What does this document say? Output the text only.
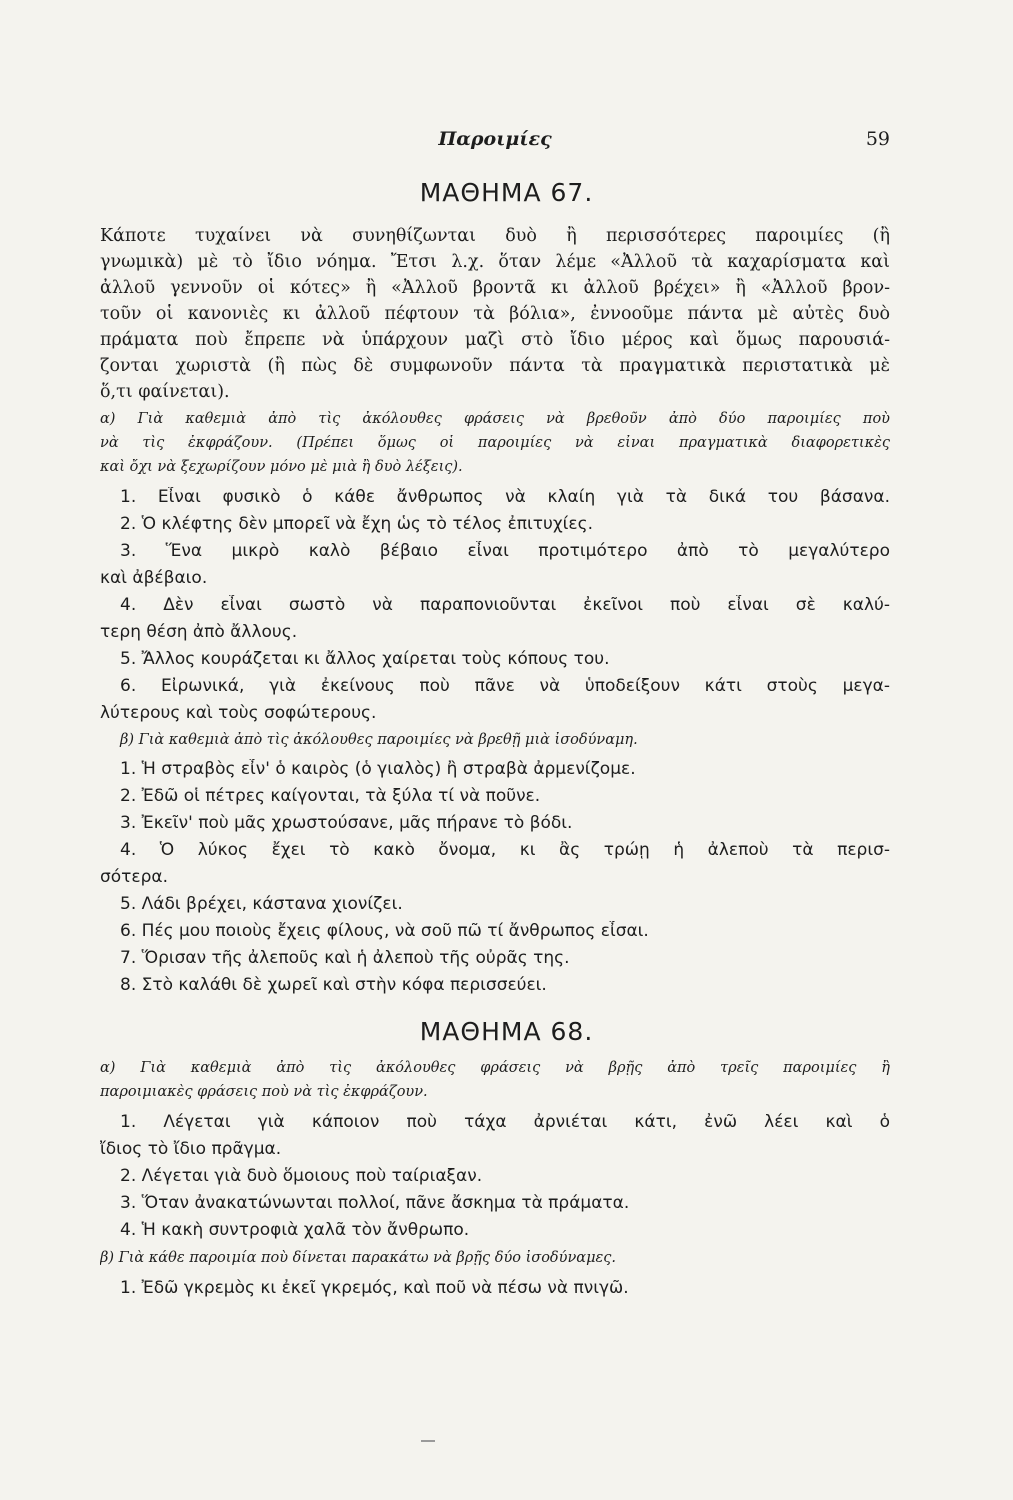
Παροιμίες	59
ΜΑΘΗΜΑ 67.
Κάποτε τυχαίνει νὰ συνηθίζωνται δυὸ ἢ περισσότερες παροιμίες (ἢ
γνωμικὰ) μὲ τὸ ἴδιο νόημα. Ἔτσι λ.χ. ὅταν λέμε «Ἀλλοῦ τὰ καχαρίσματα καὶ
ἀλλοῦ γεννοῦν οἱ κότες» ἢ «Ἀλλοῦ βροντᾶ κι ἀλλοῦ βρέχει» ἢ «Ἀλλοῦ βρον-
τοῦν οἱ κανονιὲς κι ἀλλοῦ πέφτουν τὰ βόλια», ἐννοοῦμε πάντα μὲ αὐτὲς δυὸ
πράματα ποὺ ἔπρεπε νὰ ὑπάρχουν μαζὶ στὸ ἴδιο μέρος καὶ ὅμως παρουσιά-
ζονται χωριστὰ (ἢ πὼς δὲ συμφωνοῦν πάντα τὰ πραγματικὰ περιστατικὰ μὲ
ὅ,τι φαίνεται).
α) Γιὰ καθεμιὰ ἀπὸ τὶς ἀκόλουθες φράσεις νὰ βρεθοῦν ἀπὸ δύο παροιμίες ποὺ
νὰ τὶς ἐκφράζουν. (Πρέπει ὅμως οἱ παροιμίες νὰ εἶναι πραγματικὰ διαφορετικὲς
καὶ ὄχι νὰ ξεχωρίζουν μόνο μὲ μιὰ ἢ δυὸ λέξεις).
1. Εἶναι φυσικὸ ὁ κάθε ἄνθρωπος νὰ κλαίη γιὰ τὰ δικά του βάσανα.
2. Ὁ κλέφτης δὲν μπορεῖ νὰ ἔχη ὡς τὸ τέλος ἐπιτυχίες.
3. Ἕνα μικρὸ καλὸ βέβαιο εἶναι προτιμότερο ἀπὸ τὸ μεγαλύτερο
καὶ ἀβέβαιο.
4. Δὲν εἶναι σωστὸ νὰ παραπονιοῦνται ἐκεῖνοι ποὺ εἶναι σὲ καλύ-
τερη θέση ἀπὸ ἄλλους.
5. Ἄλλος κουράζεται κι ἄλλος χαίρεται τοὺς κόπους του.
6. Εἰρωνικά, γιὰ ἐκείνους ποὺ πᾶνε νὰ ὑποδείξουν κάτι στοὺς μεγα-
λύτερους καὶ τοὺς σοφώτερους.
β) Γιὰ καθεμιὰ ἀπὸ τὶς ἀκόλουθες παροιμίες νὰ βρεθῇ μιὰ ἰσοδύναμη.
1. Ἡ στραβὸς εἶν' ὁ καιρὸς (ὁ γιαλὸς) ἢ στραβὰ ἀρμενίζομε.
2. Ἐδῶ οἱ πέτρες καίγονται, τὰ ξύλα τί νὰ ποῦνε.
3. Ἐκεῖν' ποὺ μᾶς χρωστούσανε, μᾶς πήρανε τὸ βόδι.
4. Ὁ λύκος ἔχει τὸ κακὸ ὄνομα, κι ἂς τρώῃ ἡ ἀλεποὺ τὰ περισ-
σότερα.
5. Λάδι βρέχει, κάστανα χιονίζει.
6. Πές μου ποιοὺς ἔχεις φίλους, νὰ σοῦ πῶ τί ἄνθρωπος εἶσαι.
7. Ὅρισαν τῆς ἀλεποῦς καὶ ἡ ἀλεποὺ τῆς οὐρᾶς της.
8. Στὸ καλάθι δὲ χωρεῖ καὶ στὴν κόφα περισσεύει.
ΜΑΘΗΜΑ 68.
α) Γιὰ καθεμιὰ ἀπὸ τὶς ἀκόλουθες φράσεις νὰ βρῇς ἀπὸ τρεῖς παροιμίες ἢ
παροιμιακὲς φράσεις ποὺ νὰ τὶς ἐκφράζουν.
1. Λέγεται γιὰ κάποιον ποὺ τάχα ἀρνιέται κάτι, ἐνῶ λέει καὶ ὁ
ἴδιος τὸ ἴδιο πρᾶγμα.
2. Λέγεται γιὰ δυὸ ὅμοιους ποὺ ταίριαξαν.
3. Ὅταν ἀνακατώνωνται πολλοί, πᾶνε ἄσκημα τὰ πράματα.
4. Ἡ κακὴ συντροφιὰ χαλᾶ τὸν ἄνθρωπο.
β) Γιὰ κάθε παροιμία ποὺ δίνεται παρακάτω νὰ βρῇς δύο ἰσοδύναμες.
1. Ἐδῶ γκρεμὸς κι ἐκεῖ γκρεμός, καὶ ποῦ νὰ πέσω νὰ πνιγῶ.
